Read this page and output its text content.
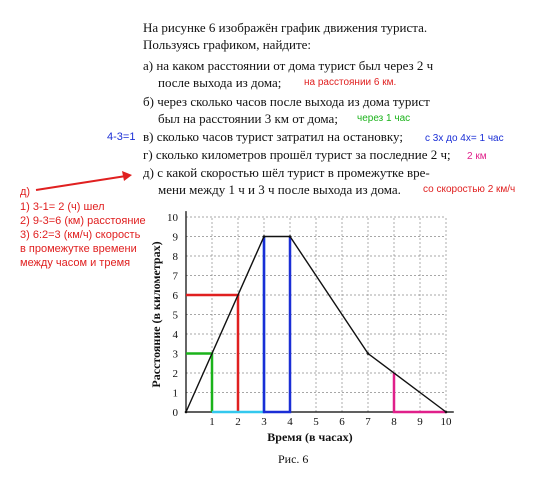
На рисунке 6 изображён график движения туриста.
Пользуясь графиком, найдите:
а) на каком расстоянии от дома турист был через 2 ч
после выхода из дома; на расстоянии 6 км.
б) через сколько часов после выхода из дома турист
был на расстоянии 3 км от дома; через 1 час
4-3=1 в) сколько часов турист затратил на остановку; с 3х до 4х= 1 час
г) сколько километров прошёл турист за последние 2 ч; 2 км
д) с какой скоростью шёл турист в промежутке вре-
мени между 1 ч и 3 ч после выхода из дома. со скоростью 2 км/ч
д)
1) 3-1= 2 (ч) шел
2) 9-3=6 (км) расстояние
3) 6:2=3 (км/ч) скорость
в промежутке времени
между часом и тремя
1 2 3 4 5 6 7 8 9 10
0
1
2
3
4
5
6
7
8
9
10
Время (в часах)
Расстояние (в километрах)
Рис. 6
